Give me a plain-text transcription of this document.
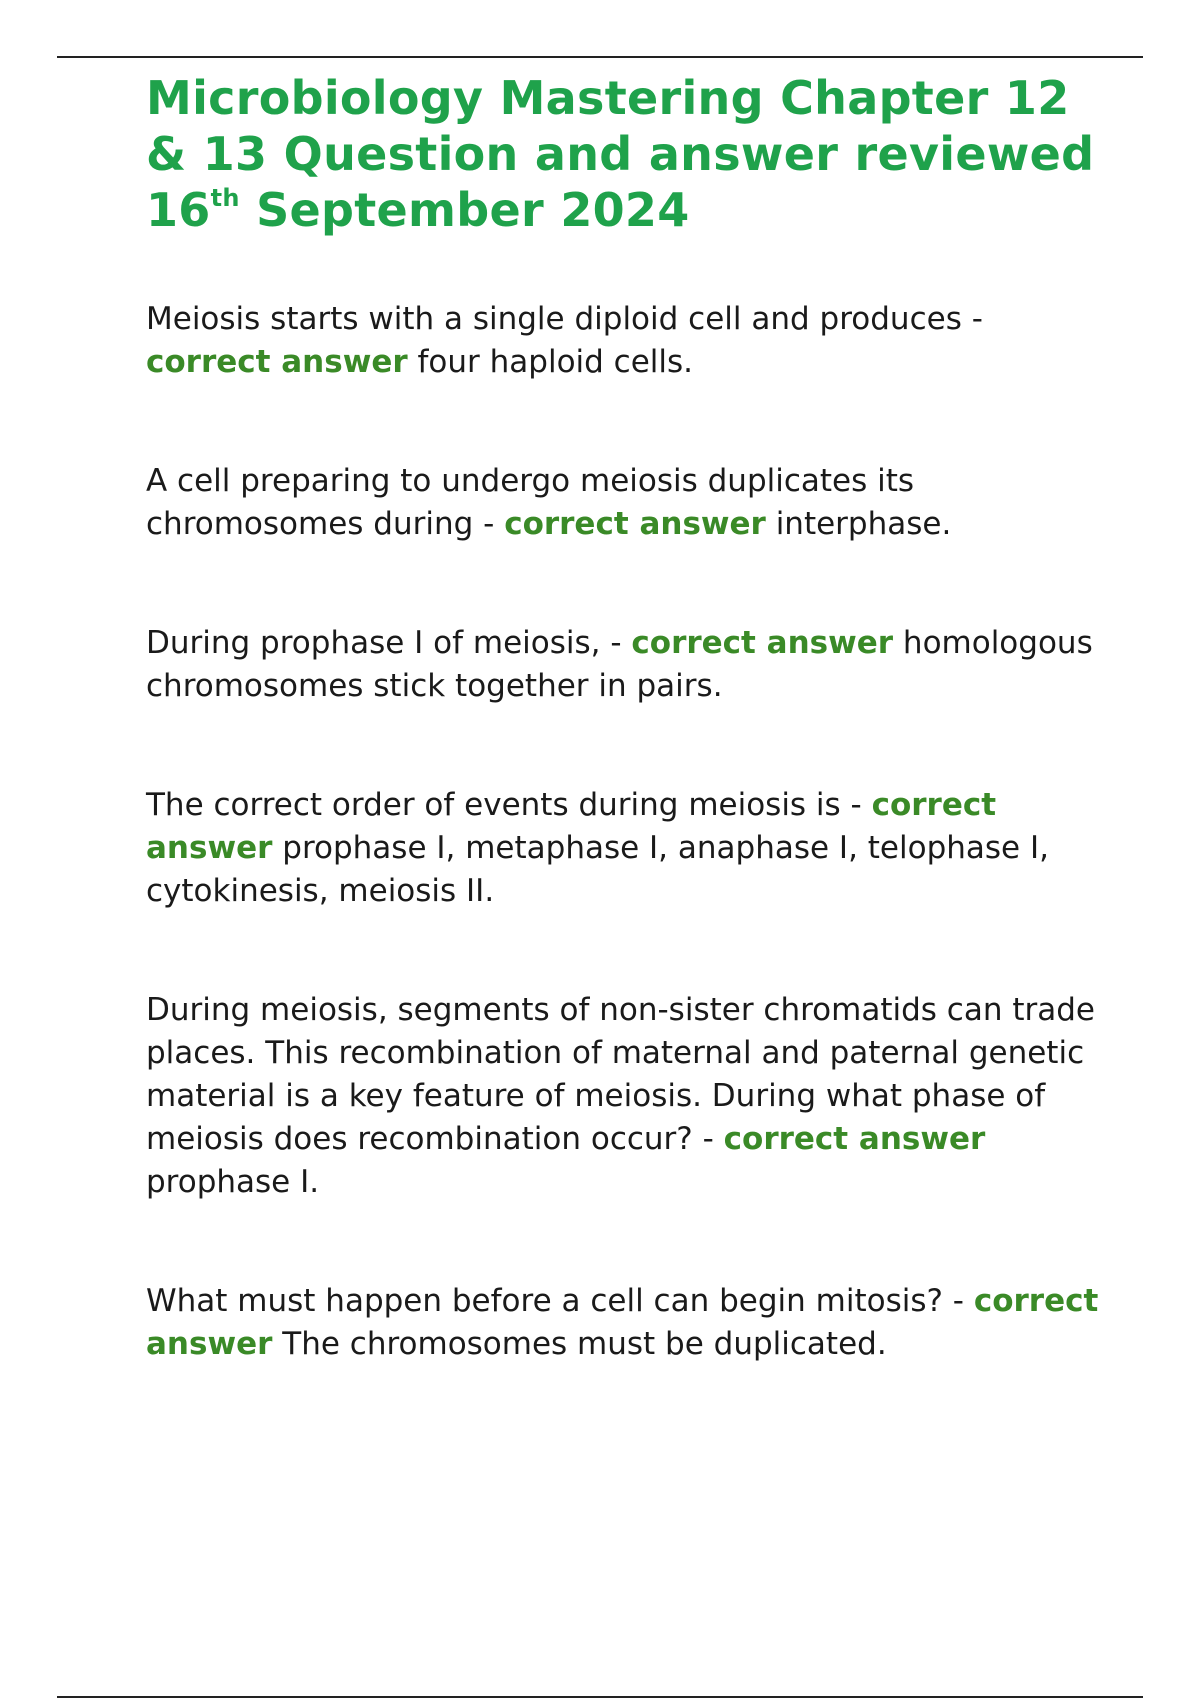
Microbiology Mastering Chapter 12 & 13 Question and answer reviewed 16th September 2024

Meiosis starts with a single diploid cell and produces - correct answer four haploid cells.

A cell preparing to undergo meiosis duplicates its chromosomes during - correct answer interphase.

During prophase I of meiosis, - correct answer homologous chromosomes stick together in pairs.

The correct order of events during meiosis is - correct answer prophase I, metaphase I, anaphase I, telophase I, cytokinesis, meiosis II.

During meiosis, segments of non-sister chromatids can trade places. This recombination of maternal and paternal genetic material is a key feature of meiosis. During what phase of meiosis does recombination occur? - correct answer prophase I.

What must happen before a cell can begin mitosis? - correct answer The chromosomes must be duplicated.
